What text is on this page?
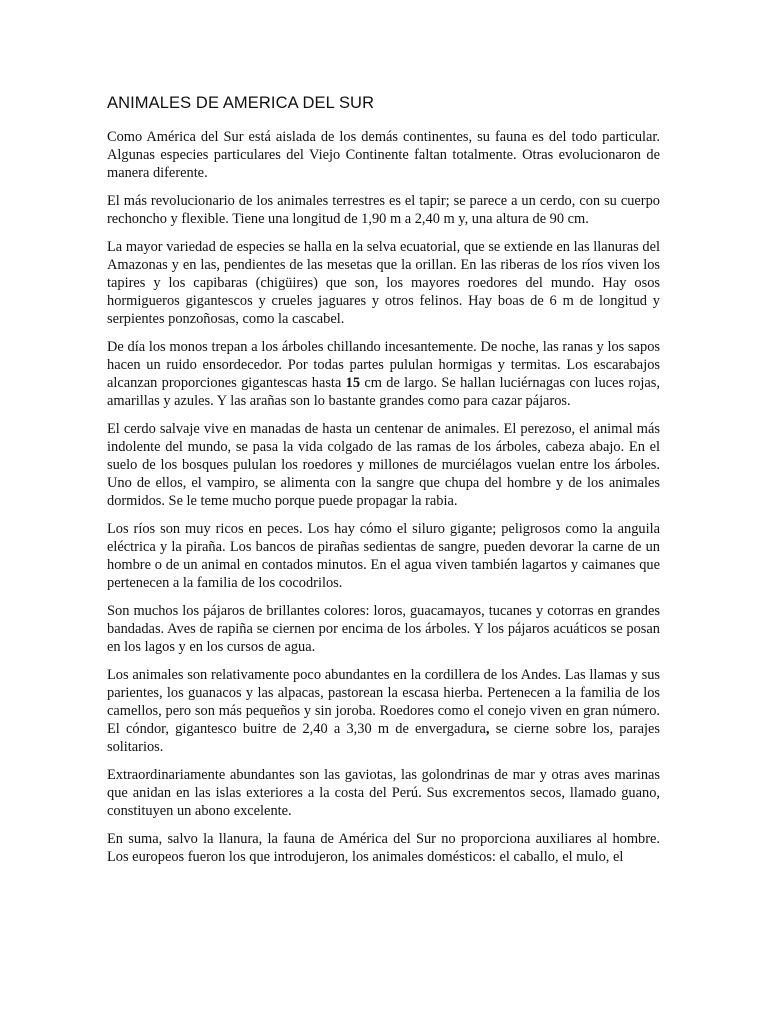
ANIMALES DE AMERICA DEL SUR

Como América del Sur está aislada de los demás continentes, su fauna es del todo particular. Algunas especies particulares del Viejo Continente faltan totalmente. Otras evolucionaron de manera diferente.

El más revolucionario de los animales terrestres es el tapir; se parece a un cerdo, con su cuerpo rechoncho y flexible. Tiene una longitud de 1,90 m a 2,40 m y, una altura de 90 cm.

La mayor variedad de especies se halla en la selva ecuatorial, que se extiende en las llanuras del Amazonas y en las, pendientes de las mesetas que la orillan. En las riberas de los ríos viven los tapires y los capibaras (chigüires) que son, los mayores roedores del mundo. Hay osos hormigueros gigantescos y crueles jaguares y otros felinos. Hay boas de 6 m de longitud y serpientes ponzoñosas, como la cascabel.

De día los monos trepan a los árboles chillando incesantemente. De noche, las ranas y los sapos hacen un ruido ensordecedor. Por todas partes pululan hormigas y termitas. Los escarabajos alcanzan proporciones gigantescas hasta 15 cm de largo. Se hallan luciérnagas con luces rojas, amarillas y azules. Y las arañas son lo bastante grandes como para cazar pájaros.

El cerdo salvaje vive en manadas de hasta un centenar de animales. El perezoso, el animal más indolente del mundo, se pasa la vida colgado de las ramas de los árboles, cabeza abajo. En el suelo de los bosques pululan los roedores y millones de murciélagos vuelan entre los árboles. Uno de ellos, el vampiro, se alimenta con la sangre que chupa del hombre y de los animales dormidos. Se le teme mucho porque puede propagar la rabia.

Los ríos son muy ricos en peces. Los hay cómo el siluro gigante; peligrosos como la anguila eléctrica y la piraña. Los bancos de pirañas sedientas de sangre, pueden devorar la carne de un hombre o de un animal en contados minutos. En el agua viven también lagartos y caimanes que pertenecen a la familia de los cocodrilos.

Son muchos los pájaros de brillantes colores: loros, guacamayos, tucanes y cotorras en grandes bandadas. Aves de rapiña se ciernen por encima de los árboles. Y los pájaros acuáticos se posan en los lagos y en los cursos de agua.

Los animales son relativamente poco abundantes en la cordillera de los Andes. Las llamas y sus parientes, los guanacos y las alpacas, pastorean la escasa hierba. Pertenecen a la familia de los camellos, pero son más pequeños y sin joroba. Roedores como el conejo viven en gran número. El cóndor, gigantesco buitre de 2,40 a 3,30 m de envergadura, se cierne sobre los, parajes solitarios.

Extraordinariamente abundantes son las gaviotas, las golondrinas de mar y otras aves marinas que anidan en las islas exteriores a la costa del Perú. Sus excrementos secos, llamado guano, constituyen un abono excelente.

En suma, salvo la llanura, la fauna de América del Sur no proporciona auxiliares al hombre. Los europeos fueron los que introdujeron, los animales domésticos: el caballo, el mulo, el
